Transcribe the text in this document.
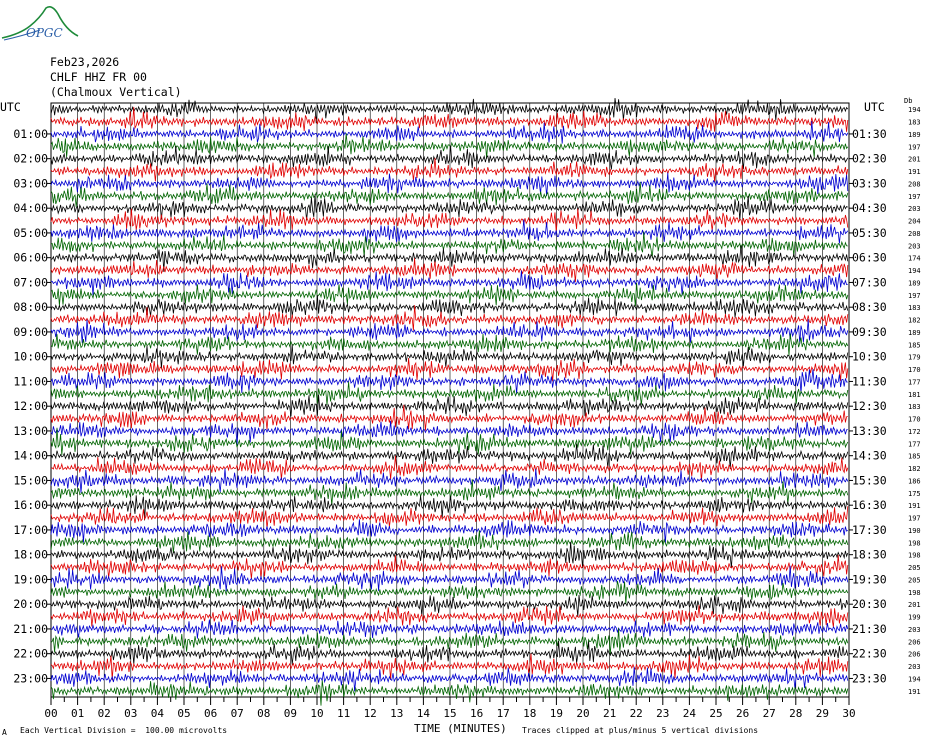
OPGC
Feb23,2026
CHLF HHZ FR 00
(Chalmoux Vertical)
UTC	UTC	Db
00 01 02 03 04 05 06 07 08 09 10 11 12 13 14 15 16 17 18 19 20 21 22 23 24 25 26 27 28 29 30
194
183
189
197
201
191
208
197
203
204
208
203
174
194
189
197
183
182
189
185
179
170
177
181
183
170
172
177
185
182
186
175
191
197
190
198
198
205
205
198
201
199
203
206
206
203
194
191
01:00	01:30
02:00	02:30
03:00	03:30
04:00	04:30
05:00	05:30
06:00	06:30
07:00	07:30
08:00	08:30
09:00	09:30
10:00	10:30
11:00	11:30
12:00	12:30
13:00	13:30
14:00	14:30
15:00	15:30
16:00	16:30
17:00	17:30
18:00	18:30
19:00	19:30
20:00	20:30
21:00	21:30
22:00	22:30
23:00	23:30
TIME (MINUTES)
A Each Vertical Division =  100.00 microvolts	Traces clipped at plus/minus 5 vertical divisions
